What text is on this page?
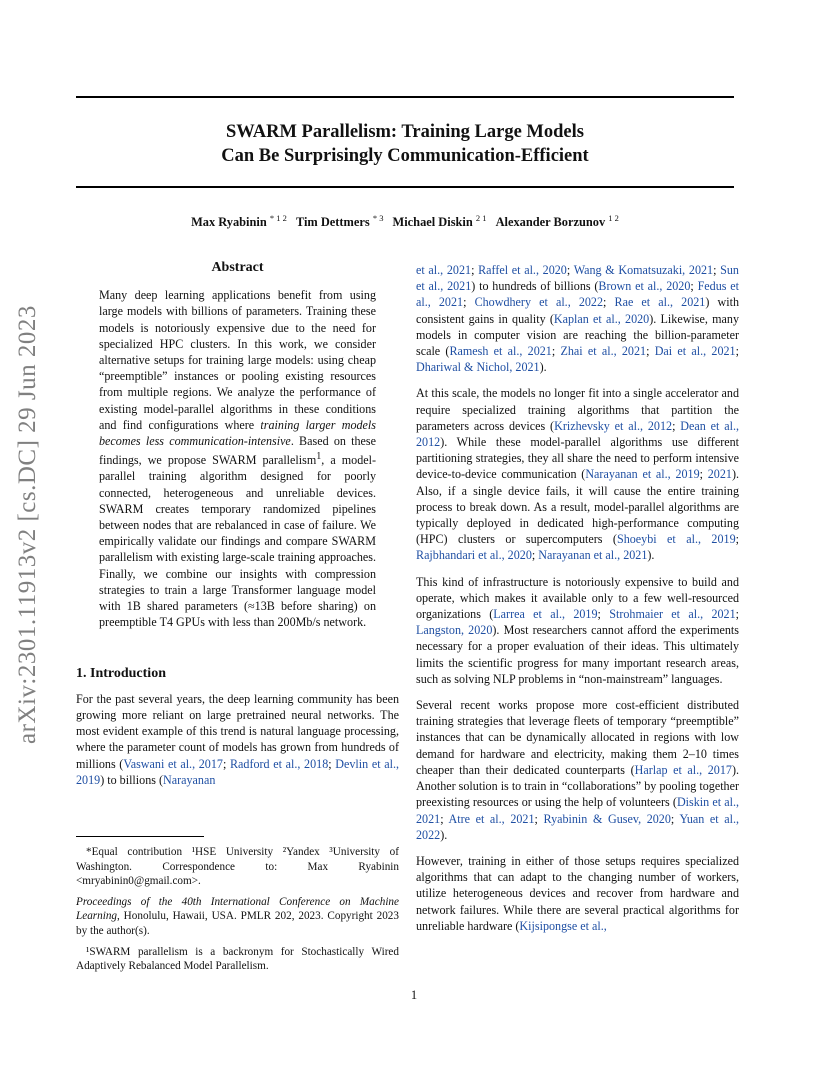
SWARM Parallelism: Training Large Models
Can Be Surprisingly Communication-Efficient
Max Ryabinin $^{* 1 2}$ Tim Dettmers $^{* 3}$ Michael Diskin $^{2 1}$ Alexander Borzunov $^{1 2}$
arXiv:2301.11913v2 [cs.DC] 29 Jun 2023
Abstract
Many deep learning applications benefit from using large models with billions of parameters. Training these models is notoriously expensive due to the need for specialized HPC clusters. In this work, we consider alternative setups for training large models: using cheap “preemptible” instances or pooling existing resources from multiple regions. We analyze the performance of existing model-parallel algorithms in these conditions and find configurations where training larger models becomes less communication-intensive. Based on these findings, we propose SWARM parallelism$^1$, a model-parallel training algorithm designed for poorly connected, heterogeneous and unreliable devices. SWARM creates temporary randomized pipelines between nodes that are rebalanced in case of failure. We empirically validate our findings and compare SWARM parallelism with existing large-scale training approaches. Finally, we combine our insights with compression strategies to train a large Transformer language model with 1B shared parameters (≈13B before sharing) on preemptible T4 GPUs with less than 200Mb/s network.
1. Introduction

For the past several years, the deep learning community has been growing more reliant on large pretrained neural networks. The most evident example of this trend is natural language processing, where the parameter count of models has grown from hundreds of millions (Vaswani et al., 2017; Radford et al., 2018; Devlin et al., 2019) to billions (Narayanan

*Equal contribution ¹HSE University ²Yandex ³University of Washington. Correspondence to: Max Ryabinin <mryabinin0@gmail.com>.

Proceedings of the 40th International Conference on Machine Learning, Honolulu, Hawaii, USA. PMLR 202, 2023. Copyright 2023 by the author(s).

¹SWARM parallelism is a backronym for Stochastically Wired Adaptively Rebalanced Model Parallelism.

et al., 2021; Raffel et al., 2020; Wang & Komatsuzaki, 2021; Sun et al., 2021) to hundreds of billions (Brown et al., 2020; Fedus et al., 2021; Chowdhery et al., 2022; Rae et al., 2021) with consistent gains in quality (Kaplan et al., 2020). Likewise, many models in computer vision are reaching the billion-parameter scale (Ramesh et al., 2021; Zhai et al., 2021; Dai et al., 2021; Dhariwal & Nichol, 2021).

At this scale, the models no longer fit into a single accelerator and require specialized training algorithms that partition the parameters across devices (Krizhevsky et al., 2012; Dean et al., 2012). While these model-parallel algorithms use different partitioning strategies, they all share the need to perform intensive device-to-device communication (Narayanan et al., 2019; 2021). Also, if a single device fails, it will cause the entire training process to break down. As a result, model-parallel algorithms are typically deployed in dedicated high-performance computing (HPC) clusters or supercomputers (Shoeybi et al., 2019; Rajbhandari et al., 2020; Narayanan et al., 2021).

This kind of infrastructure is notoriously expensive to build and operate, which makes it available only to a few well-resourced organizations (Larrea et al., 2019; Strohmaier et al., 2021; Langston, 2020). Most researchers cannot afford the experiments necessary for a proper evaluation of their ideas. This ultimately limits the scientific progress for many important research areas, such as solving NLP problems in “non-mainstream” languages.

Several recent works propose more cost-efficient distributed training strategies that leverage fleets of temporary “preemptible” instances that can be dynamically allocated in regions with low demand for hardware and electricity, making them 2–10 times cheaper than their dedicated counterparts (Harlap et al., 2017). Another solution is to train in “collaborations” by pooling together preexisting resources or using the help of volunteers (Diskin et al., 2021; Atre et al., 2021; Ryabinin & Gusev, 2020; Yuan et al., 2022).

However, training in either of those setups requires specialized algorithms that can adapt to the changing number of workers, utilize heterogeneous devices and recover from hardware and network failures. While there are several practical algorithms for unreliable hardware (Kijsipongse et al.,

1
